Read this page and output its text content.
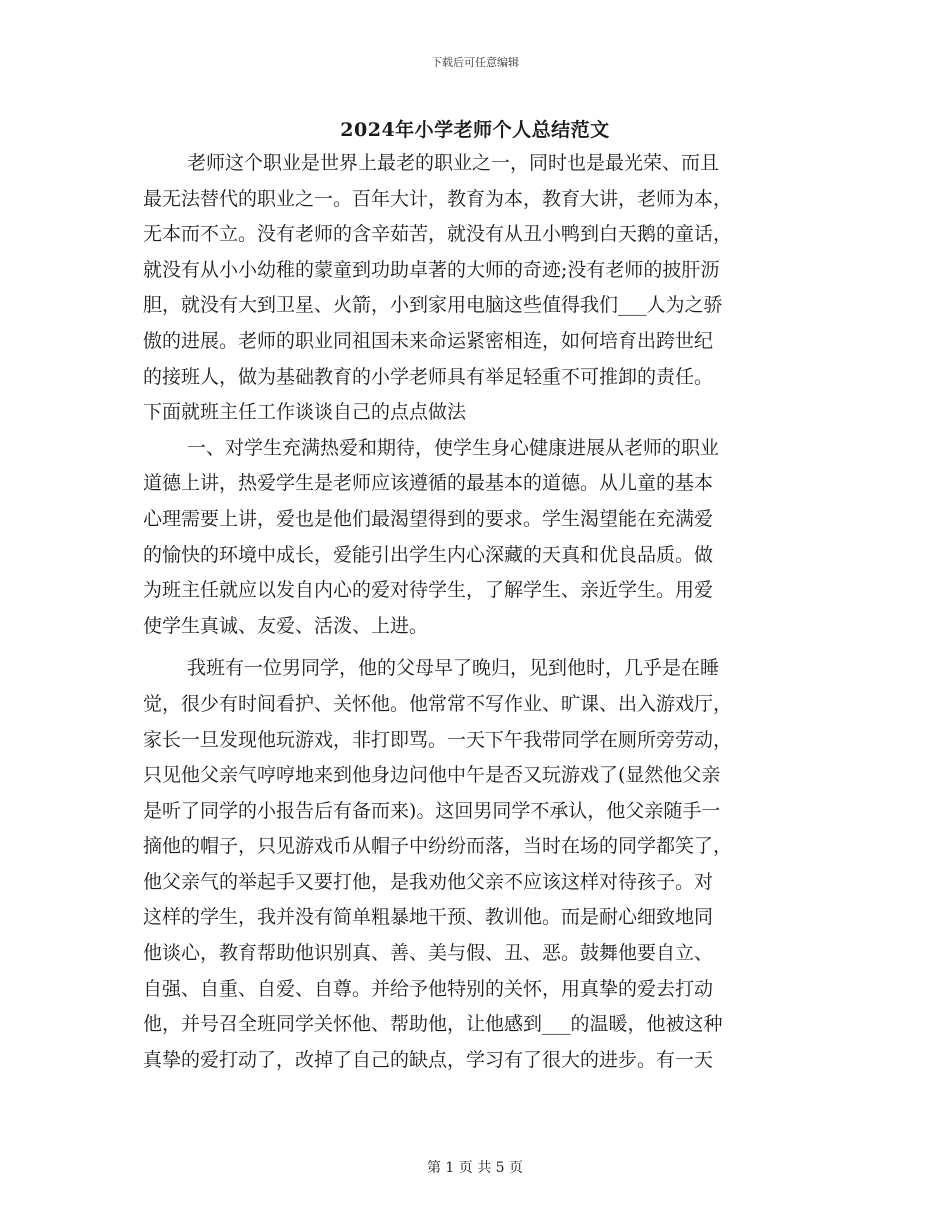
下载后可任意编辑
2024年小学老师个人总结范文
老师这个职业是世界上最老的职业之一，同时也是最光荣、而且
最无法替代的职业之一。百年大计，教育为本，教育大讲，老师为本，
无本而不立。没有老师的含辛茹苦，就没有从丑小鸭到白天鹅的童话，
就没有从小小幼稚的蒙童到功助卓著的大师的奇迹;没有老师的披肝沥
胆，就没有大到卫星、火箭，小到家用电脑这些值得我们___人为之骄
傲的进展。老师的职业同祖国未来命运紧密相连，如何培育出跨世纪
的接班人，做为基础教育的小学老师具有举足轻重不可推卸的责任。
下面就班主任工作谈谈自己的点点做法
一、对学生充满热爱和期待，使学生身心健康进展从老师的职业
道德上讲，热爱学生是老师应该遵循的最基本的道德。从儿童的基本
心理需要上讲，爱也是他们最渴望得到的要求。学生渴望能在充满爱
的愉快的环境中成长，爱能引出学生内心深藏的天真和优良品质。做
为班主任就应以发自内心的爱对待学生，了解学生、亲近学生。用爱
使学生真诚、友爱、活泼、上进。
我班有一位男同学，他的父母早了晚归，见到他时，几乎是在睡
觉，很少有时间看护、关怀他。他常常不写作业、旷课、出入游戏厅，
家长一旦发现他玩游戏，非打即骂。一天下午我带同学在厕所旁劳动，
只见他父亲气哼哼地来到他身边问他中午是否又玩游戏了(显然他父亲
是听了同学的小报告后有备而来)。这回男同学不承认，他父亲随手一
摘他的帽子，只见游戏币从帽子中纷纷而落，当时在场的同学都笑了，
他父亲气的举起手又要打他，是我劝他父亲不应该这样对待孩子。对
这样的学生，我并没有简单粗暴地干预、教训他。而是耐心细致地同
他谈心，教育帮助他识别真、善、美与假、丑、恶。鼓舞他要自立、
自强、自重、自爱、自尊。并给予他特别的关怀，用真挚的爱去打动
他，并号召全班同学关怀他、帮助他，让他感到___的温暖，他被这种
真挚的爱打动了，改掉了自己的缺点，学习有了很大的进步。有一天
第 1 页 共 5 页
